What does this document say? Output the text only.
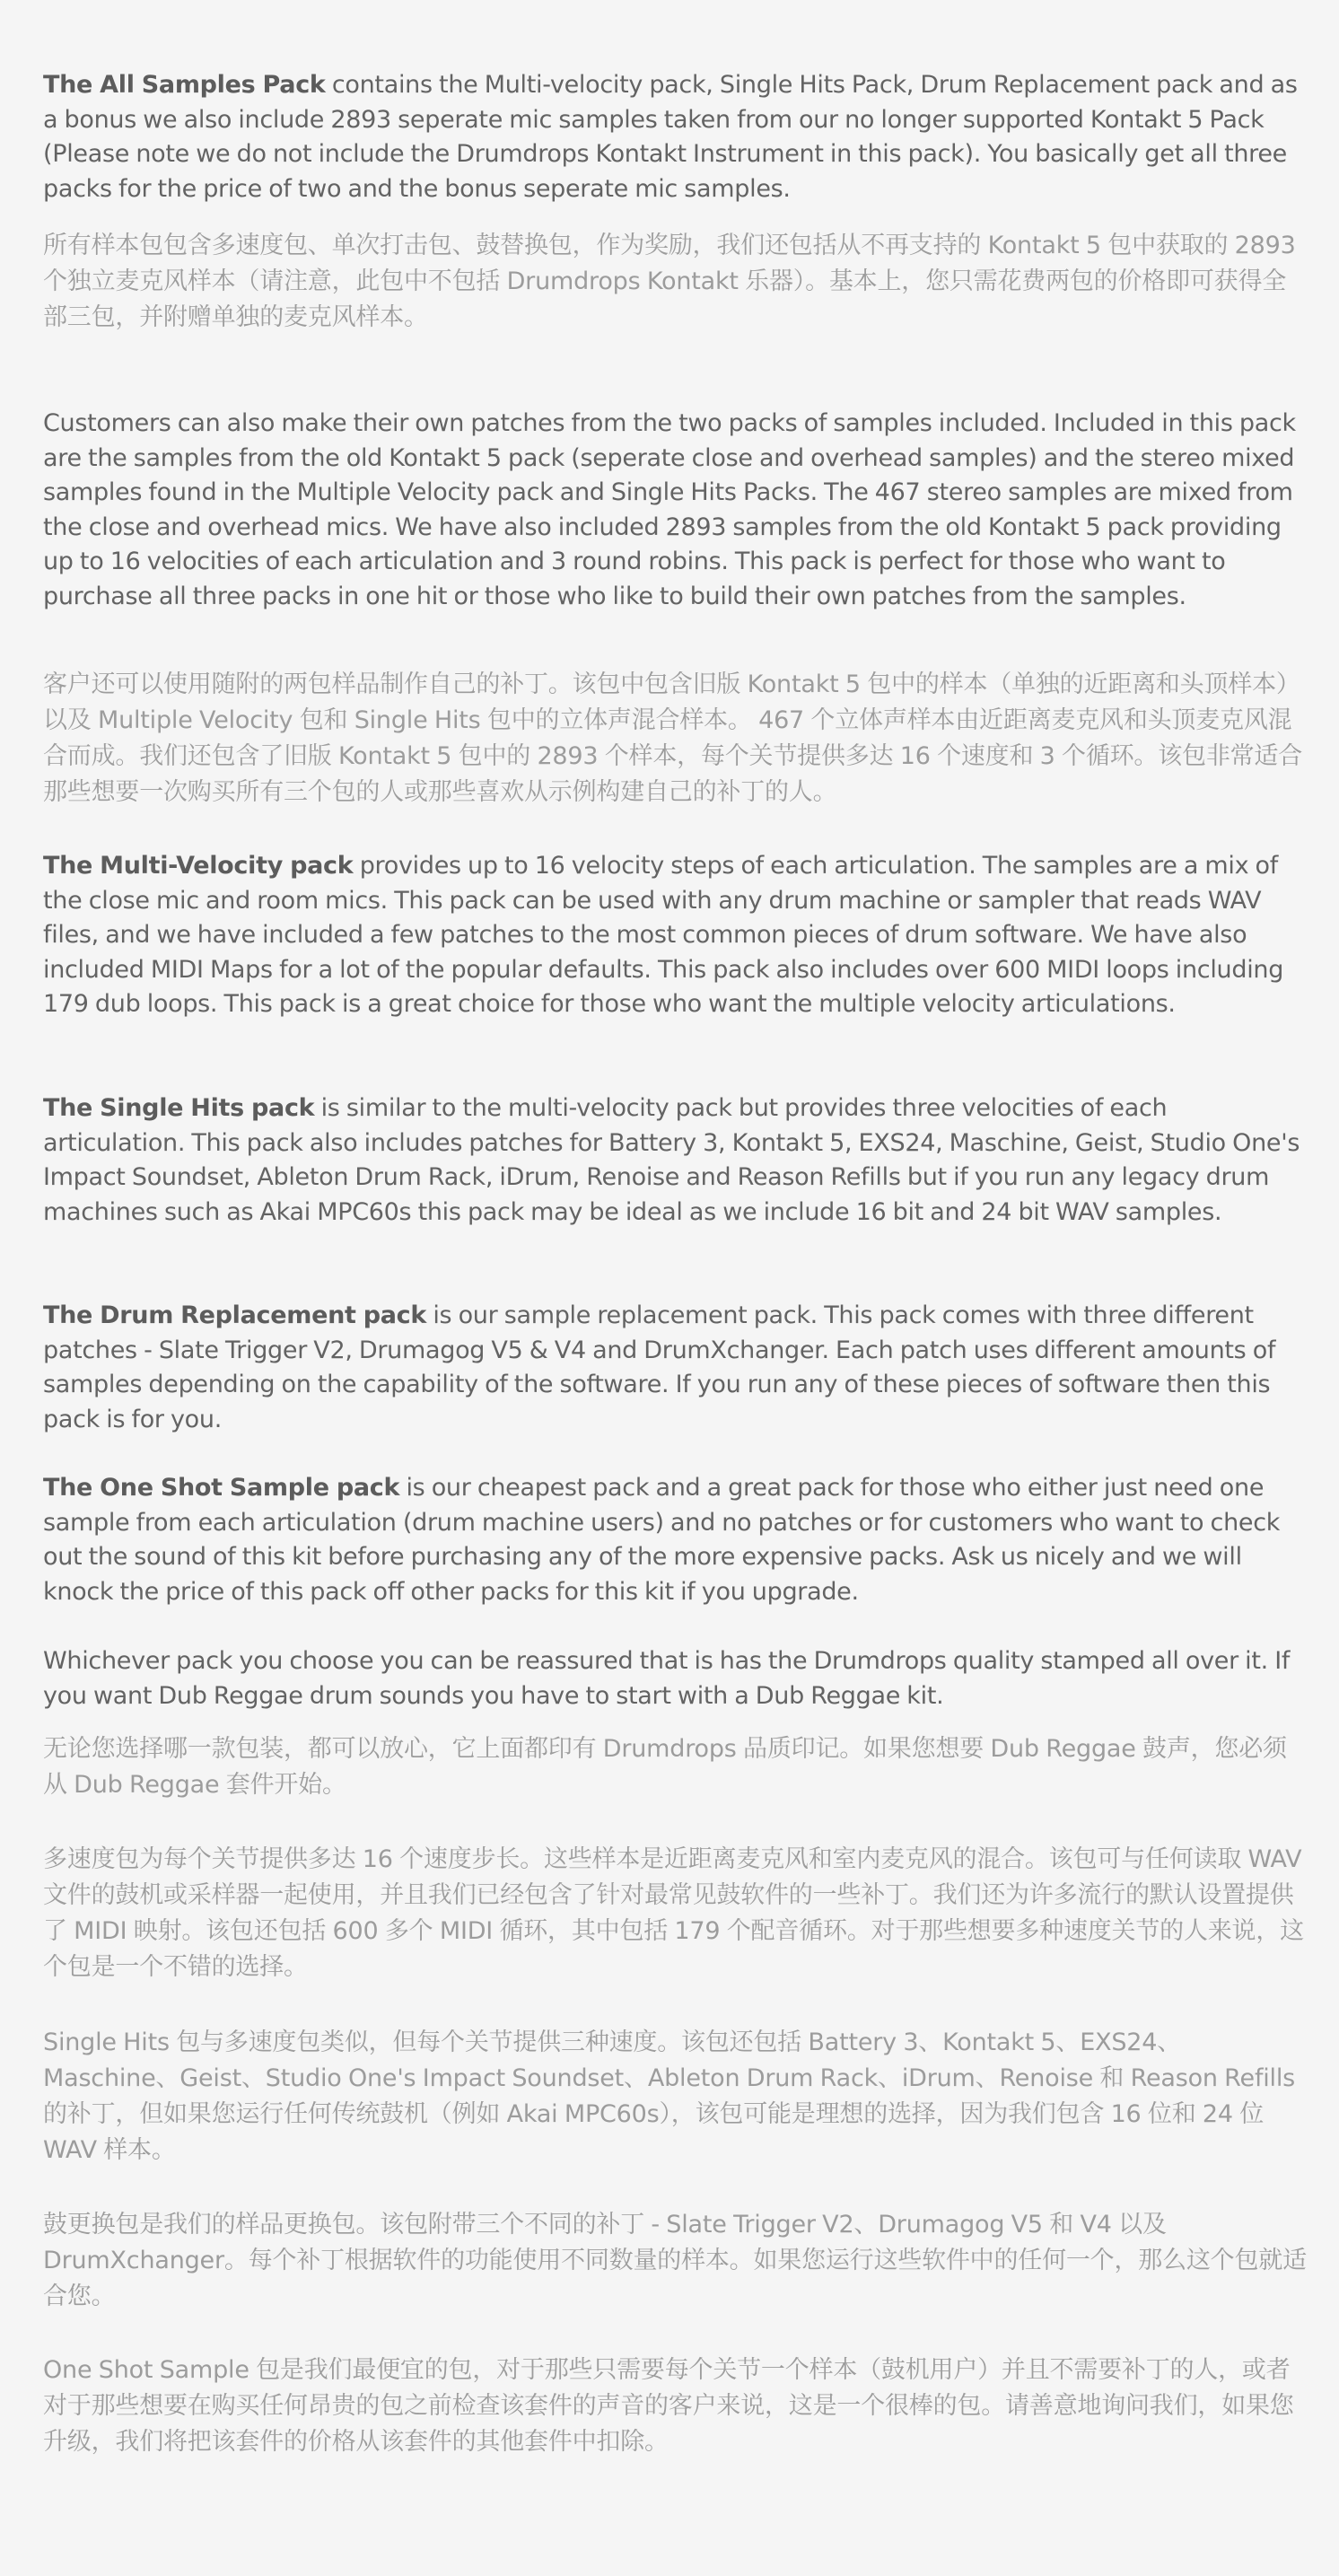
The All Samples Pack contains the Multi-velocity pack, Single Hits Pack, Drum Replacement pack and as a bonus we also include 2893 seperate mic samples taken from our no longer supported Kontakt 5 Pack (Please note we do not include the Drumdrops Kontakt Instrument in this pack). You basically get all three packs for the price of two and the bonus seperate mic samples.

所有样本包包含多速度包、单次打击包、鼓替换包，作为奖励，我们还包括从不再支持的 Kontakt 5 包中获取的 2893 个独立麦克风样本（请注意，此包中不包括 Drumdrops Kontakt 乐器）。基本上，您只需花费两包的价格即可获得全部三包，并附赠单独的麦克风样本。

Customers can also make their own patches from the two packs of samples included. Included in this pack are the samples from the old Kontakt 5 pack (seperate close and overhead samples) and the stereo mixed samples found in the Multiple Velocity pack and Single Hits Packs. The 467 stereo samples are mixed from the close and overhead mics. We have also included 2893 samples from the old Kontakt 5 pack providing up to 16 velocities of each articulation and 3 round robins. This pack is perfect for those who want to purchase all three packs in one hit or those who like to build their own patches from the samples.

客户还可以使用随附的两包样品制作自己的补丁。该包中包含旧版 Kontakt 5 包中的样本（单独的近距离和头顶样本）以及 Multiple Velocity 包和 Single Hits 包中的立体声混合样本。 467 个立体声样本由近距离麦克风和头顶麦克风混合而成。我们还包含了旧版 Kontakt 5 包中的 2893 个样本，每个关节提供多达 16 个速度和 3 个循环。该包非常适合那些想要一次购买所有三个包的人或那些喜欢从示例构建自己的补丁的人。

The Multi-Velocity pack provides up to 16 velocity steps of each articulation. The samples are a mix of the close mic and room mics. This pack can be used with any drum machine or sampler that reads WAV files, and we have included a few patches to the most common pieces of drum software. We have also included MIDI Maps for a lot of the popular defaults. This pack also includes over 600 MIDI loops including 179 dub loops. This pack is a great choice for those who want the multiple velocity articulations.

The Single Hits pack is similar to the multi-velocity pack but provides three velocities of each articulation. This pack also includes patches for Battery 3, Kontakt 5, EXS24, Maschine, Geist, Studio One's Impact Soundset, Ableton Drum Rack, iDrum, Renoise and Reason Refills but if you run any legacy drum machines such as Akai MPC60s this pack may be ideal as we include 16 bit and 24 bit WAV samples.

The Drum Replacement pack is our sample replacement pack. This pack comes with three different patches - Slate Trigger V2, Drumagog V5 & V4 and DrumXchanger. Each patch uses different amounts of samples depending on the capability of the software. If you run any of these pieces of software then this pack is for you.

The One Shot Sample pack is our cheapest pack and a great pack for those who either just need one sample from each articulation (drum machine users) and no patches or for customers who want to check out the sound of this kit before purchasing any of the more expensive packs. Ask us nicely and we will knock the price of this pack off other packs for this kit if you upgrade.

Whichever pack you choose you can be reassured that is has the Drumdrops quality stamped all over it. If you want Dub Reggae drum sounds you have to start with a Dub Reggae kit.

无论您选择哪一款包装，都可以放心，它上面都印有 Drumdrops 品质印记。如果您想要 Dub Reggae 鼓声，您必须从 Dub Reggae 套件开始。

多速度包为每个关节提供多达 16 个速度步长。这些样本是近距离麦克风和室内麦克风的混合。该包可与任何读取 WAV 文件的鼓机或采样器一起使用，并且我们已经包含了针对最常见鼓软件的一些补丁。我们还为许多流行的默认设置提供了 MIDI 映射。该包还包括 600 多个 MIDI 循环，其中包括 179 个配音循环。对于那些想要多种速度关节的人来说，这个包是一个不错的选择。

Single Hits 包与多速度包类似，但每个关节提供三种速度。该包还包括 Battery 3、Kontakt 5、EXS24、Maschine、Geist、Studio One's Impact Soundset、Ableton Drum Rack、iDrum、Renoise 和 Reason Refills 的补丁，但如果您运行任何传统鼓机（例如 Akai MPC60s），该包可能是理想的选择，因为我们包含 16 位和 24 位 WAV 样本。

鼓更换包是我们的样品更换包。该包附带三个不同的补丁 - Slate Trigger V2、Drumagog V5 和 V4 以及 DrumXchanger。每个补丁根据软件的功能使用不同数量的样本。如果您运行这些软件中的任何一个，那么这个包就适合您。

One Shot Sample 包是我们最便宜的包，对于那些只需要每个关节一个样本（鼓机用户）并且不需要补丁的人，或者对于那些想要在购买任何昂贵的包之前检查该套件的声音的客户来说，这是一个很棒的包。请善意地询问我们，如果您升级，我们将把该套件的价格从该套件的其他套件中扣除。
